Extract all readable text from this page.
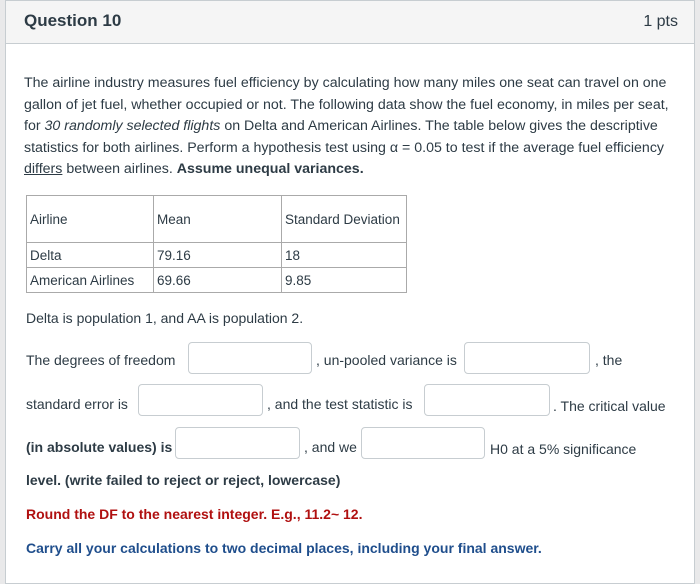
Question 10	1 pts
The airline industry measures fuel efficiency by calculating how many miles one seat can travel on one gallon of jet fuel, whether occupied or not. The following data show the fuel economy, in miles per seat, for 30 randomly selected flights on Delta and American Airlines. The table below gives the descriptive statistics for both airlines. Perform a hypothesis test using α = 0.05 to test if the average fuel efficiency differs between airlines. Assume unequal variances.
Airline	Mean	Standard Deviation
Delta	79.16	18
American Airlines	69.66	9.85
Delta is population 1, and AA is population 2.
The degrees of freedom	, un-pooled variance is	, the
standard error is	, and the test statistic is	. The critical value
(in absolute values) is	, and we	H0 at a 5% significance
level. (write failed to reject or reject, lowercase)
Round the DF to the nearest integer. E.g., 11.2~ 12.
Carry all your calculations to two decimal places, including your final answer.
